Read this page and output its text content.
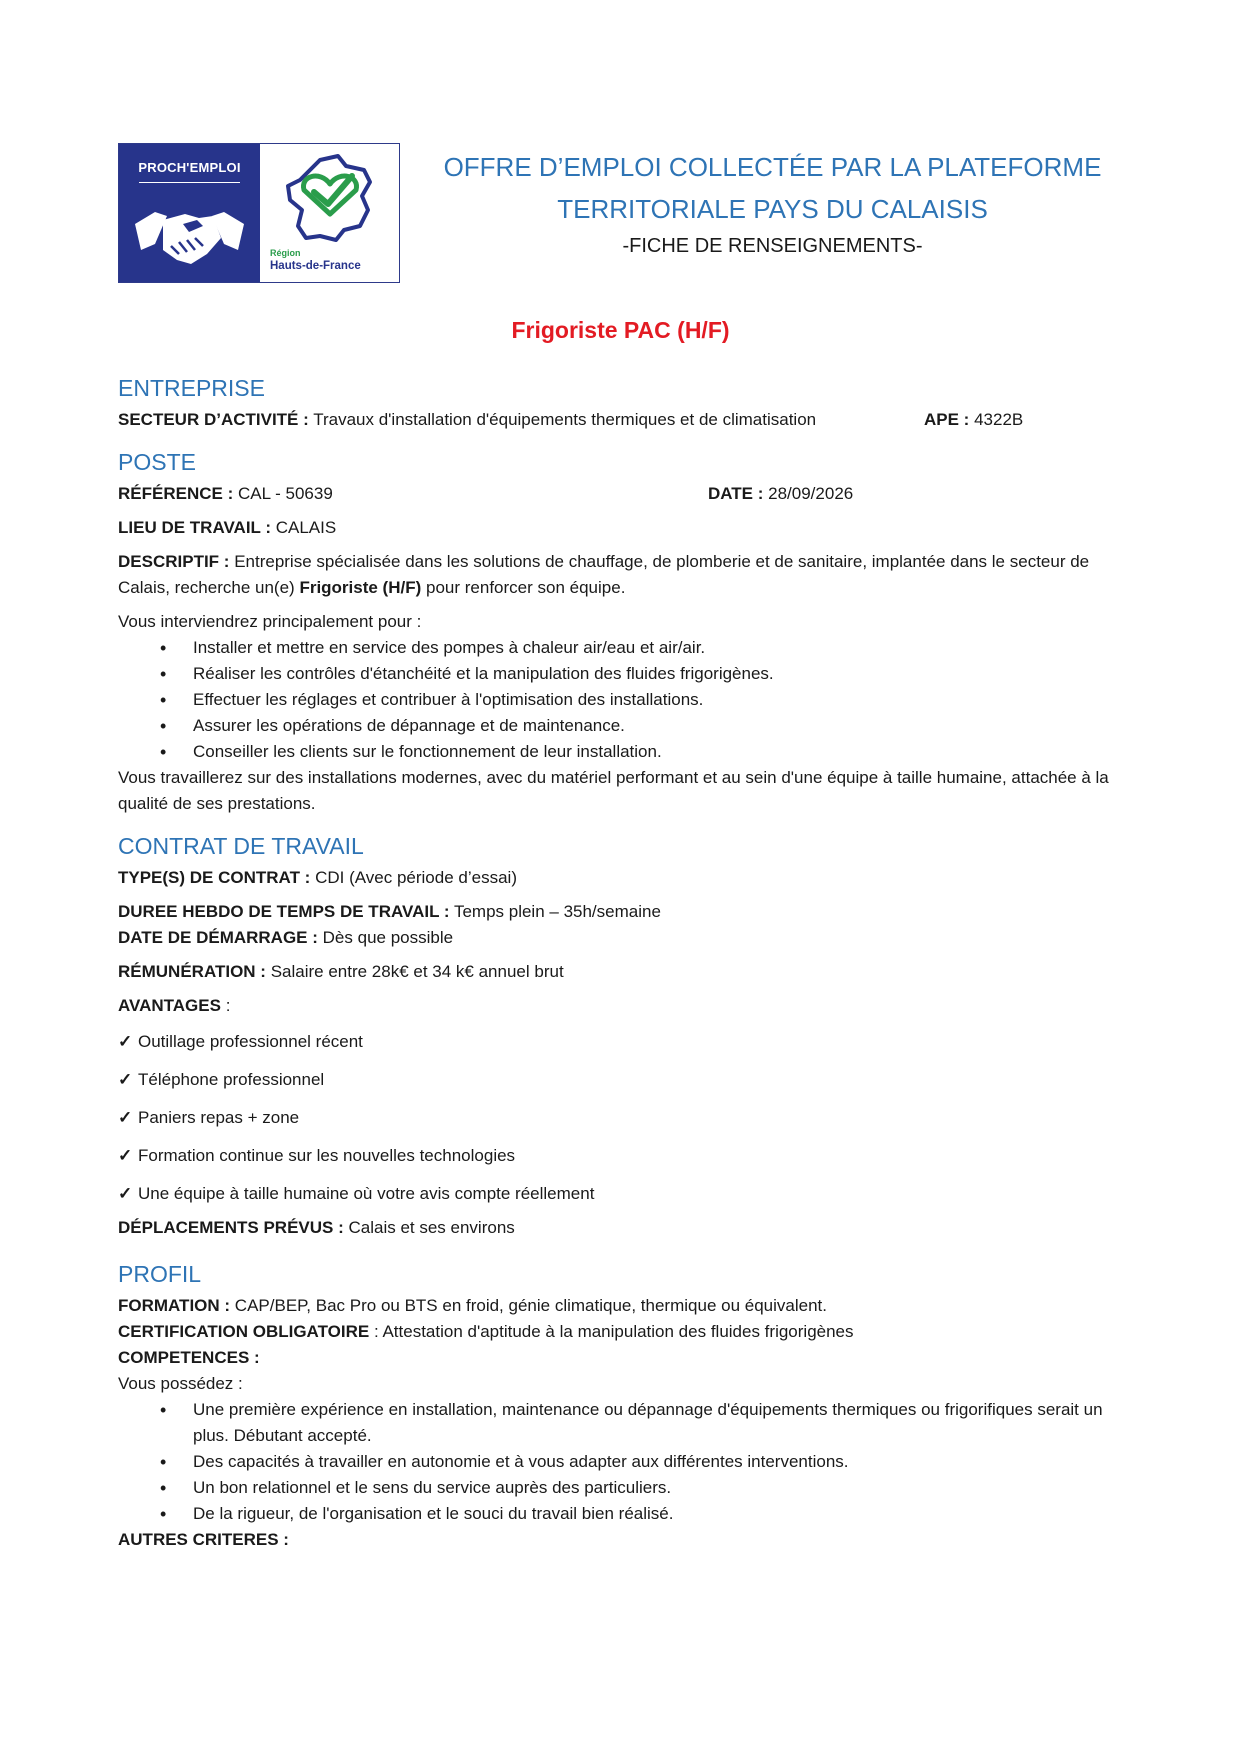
PROCH'EMPLOI
Région
Hauts-de-France
OFFRE D’EMPLOI COLLECTÉE PAR LA PLATEFORME
TERRITORIALE PAYS DU CALAISIS
-FICHE DE RENSEIGNEMENTS-
Frigoriste PAC (H/F)
ENTREPRISE
SECTEUR D’ACTIVITÉ : Travaux d'installation d'équipements thermiques et de climatisation	APE : 4322B
POSTE
RÉFÉRENCE : CAL - 50639	DATE : 28/09/2026
LIEU DE TRAVAIL : CALAIS
DESCRIPTIF : Entreprise spécialisée dans les solutions de chauffage, de plomberie et de sanitaire, implantée dans le secteur de Calais, recherche un(e) Frigoriste (H/F) pour renforcer son équipe.
Vous interviendrez principalement pour :
• Installer et mettre en service des pompes à chaleur air/eau et air/air.
• Réaliser les contrôles d'étanchéité et la manipulation des fluides frigorigènes.
• Effectuer les réglages et contribuer à l'optimisation des installations.
• Assurer les opérations de dépannage et de maintenance.
• Conseiller les clients sur le fonctionnement de leur installation.
Vous travaillerez sur des installations modernes, avec du matériel performant et au sein d'une équipe à taille humaine, attachée à la qualité de ses prestations.
CONTRAT DE TRAVAIL
TYPE(S) DE CONTRAT : CDI (Avec période d’essai)
DUREE HEBDO DE TEMPS DE TRAVAIL : Temps plein – 35h/semaine
DATE DE DÉMARRAGE : Dès que possible
RÉMUNÉRATION : Salaire entre 28k€ et 34 k€ annuel brut
AVANTAGES :
✓ Outillage professionnel récent
✓ Téléphone professionnel
✓ Paniers repas + zone
✓ Formation continue sur les nouvelles technologies
✓ Une équipe à taille humaine où votre avis compte réellement
DÉPLACEMENTS PRÉVUS : Calais et ses environs
PROFIL
FORMATION : CAP/BEP, Bac Pro ou BTS en froid, génie climatique, thermique ou équivalent.
CERTIFICATION OBLIGATOIRE : Attestation d'aptitude à la manipulation des fluides frigorigènes
COMPETENCES :
Vous possédez :
• Une première expérience en installation, maintenance ou dépannage d'équipements thermiques ou frigorifiques serait un plus. Débutant accepté.
• Des capacités à travailler en autonomie et à vous adapter aux différentes interventions.
• Un bon relationnel et le sens du service auprès des particuliers.
• De la rigueur, de l'organisation et le souci du travail bien réalisé.
AUTRES CRITERES :
